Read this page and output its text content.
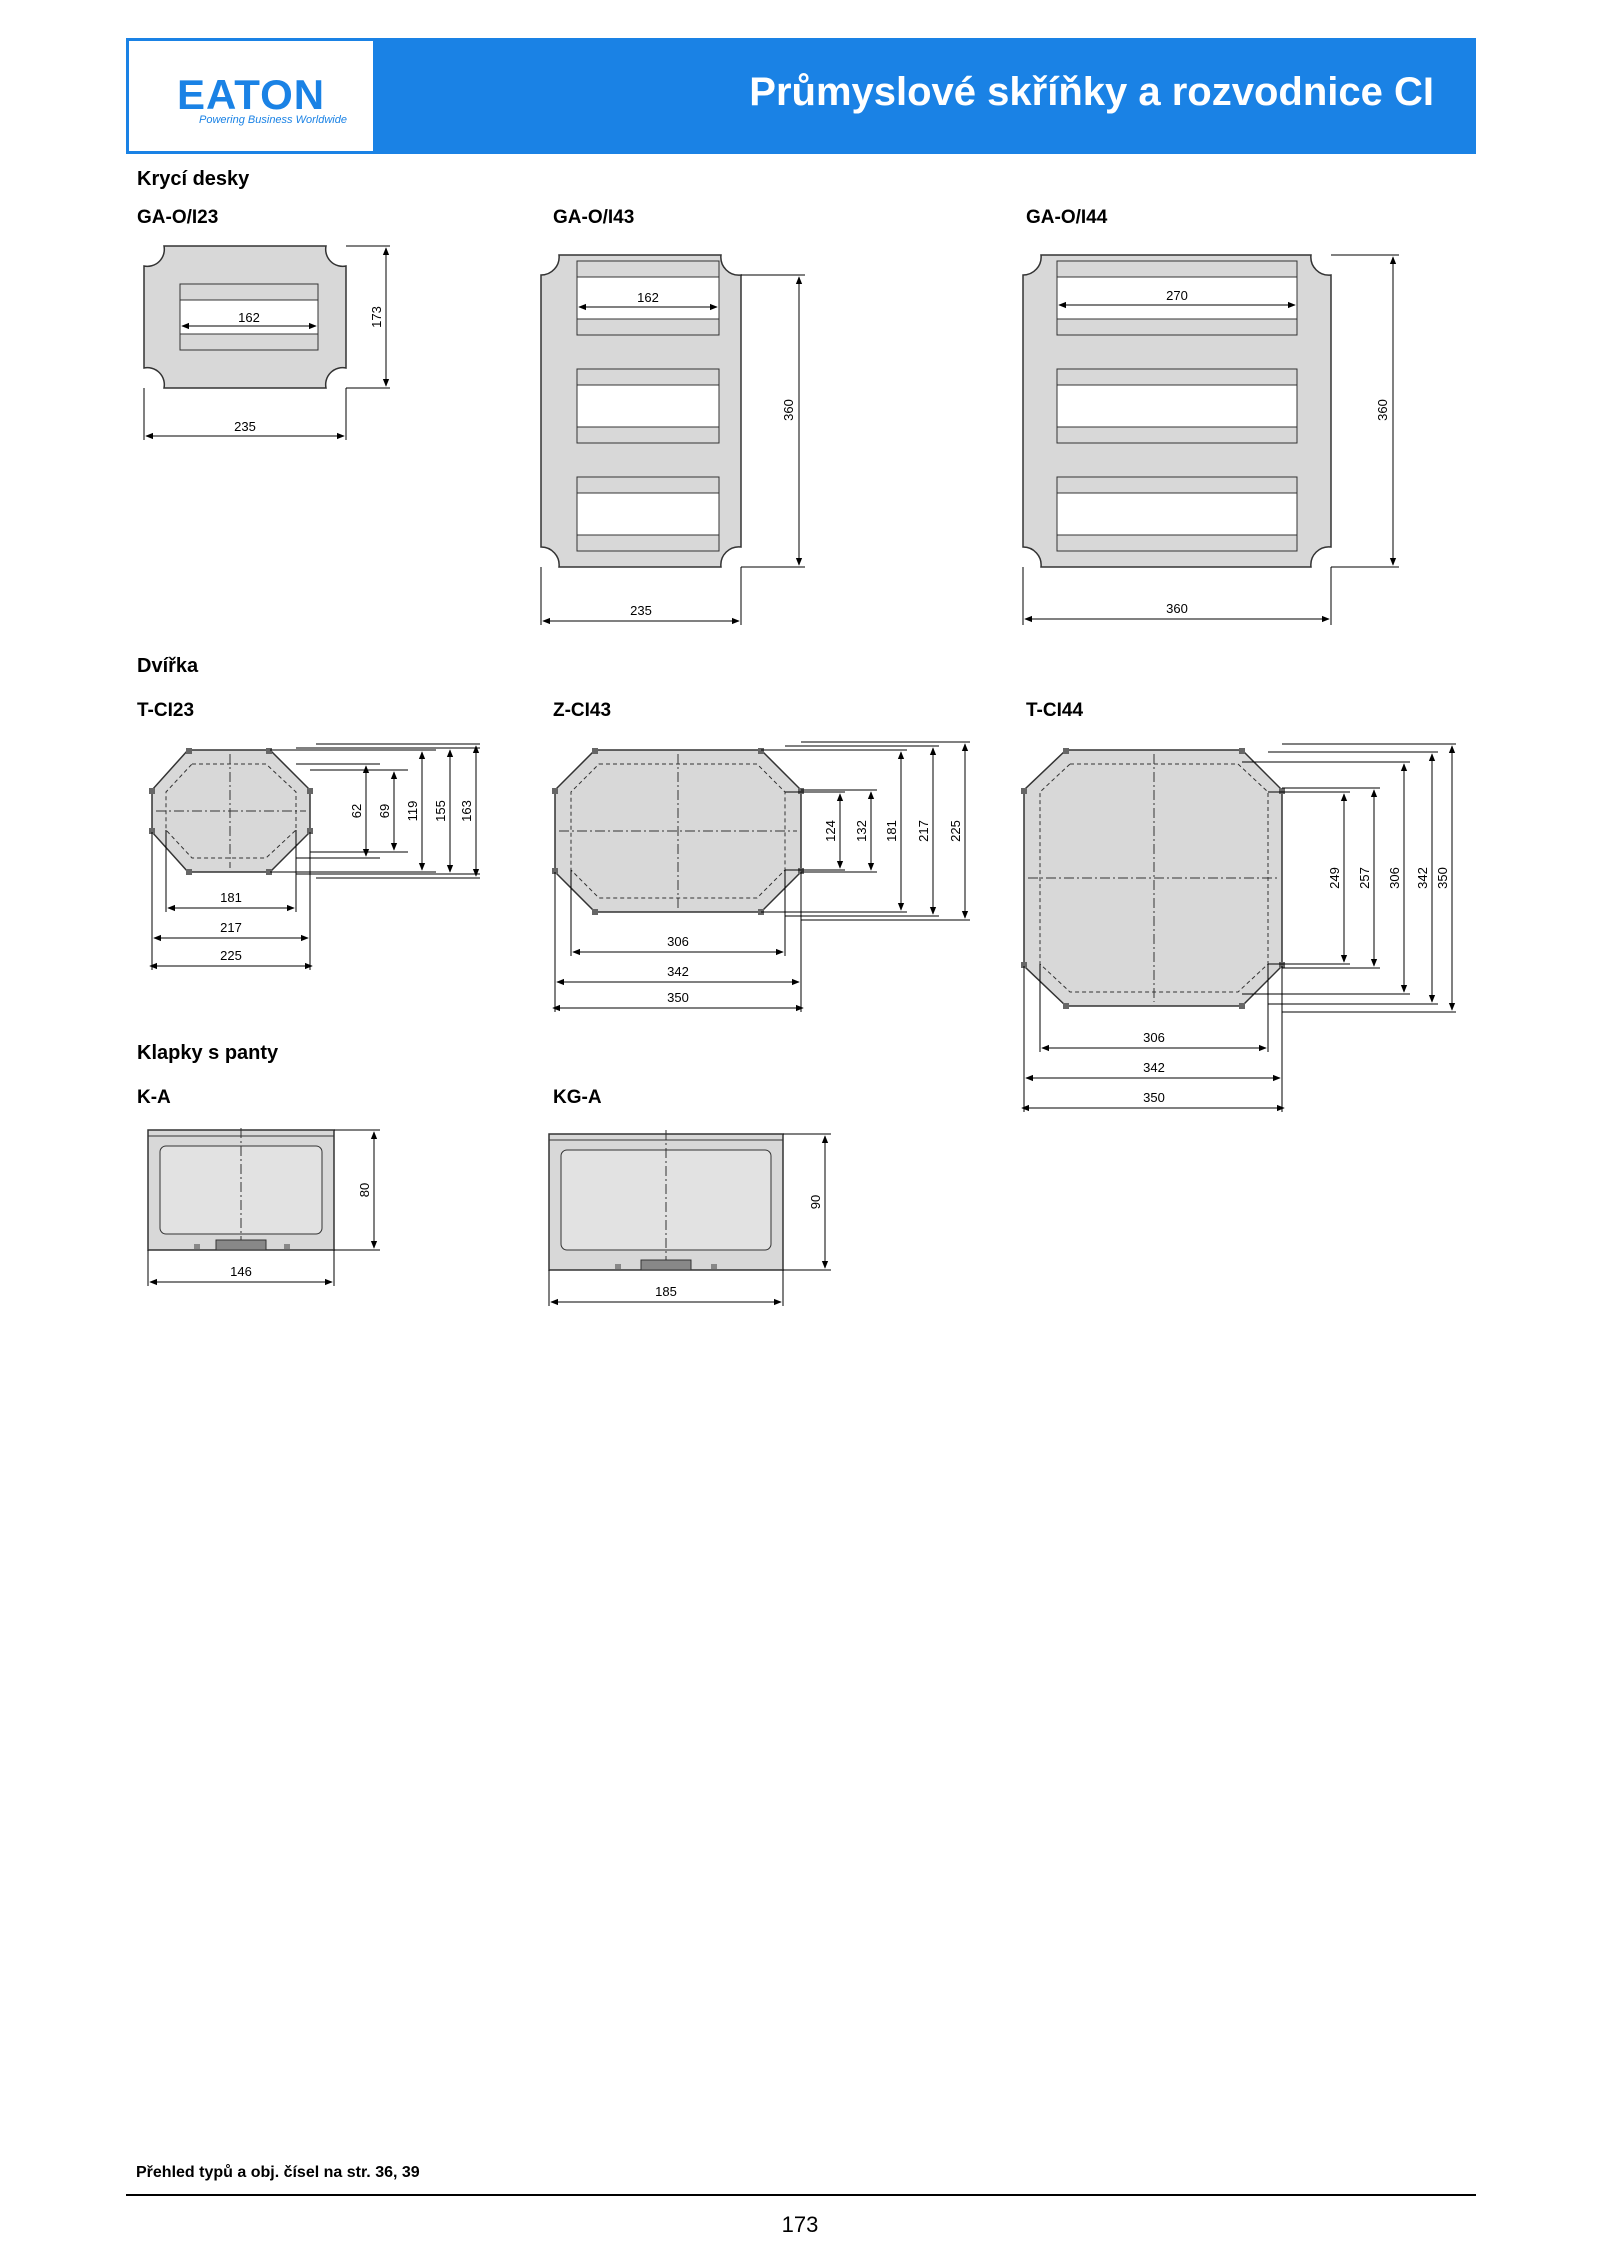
EATON
Powering Business Worldwide
Průmyslové skříňky a rozvodnice CI
Krycí desky
GA-O/I23	GA-O/I43	GA-O/I44
162	173
235
162
360
235
270
360
360
Dvířka
T-CI23	Z-CI43	T-CI44
62 69 119 155 163
181
217
225
124 132 181 217 225
306
342
350
249 257 306 342 350
306
342
350
Klapky s panty
K-A	KG-A
80
146
90
185
Přehled typů a obj. čísel na str. 36, 39
173
